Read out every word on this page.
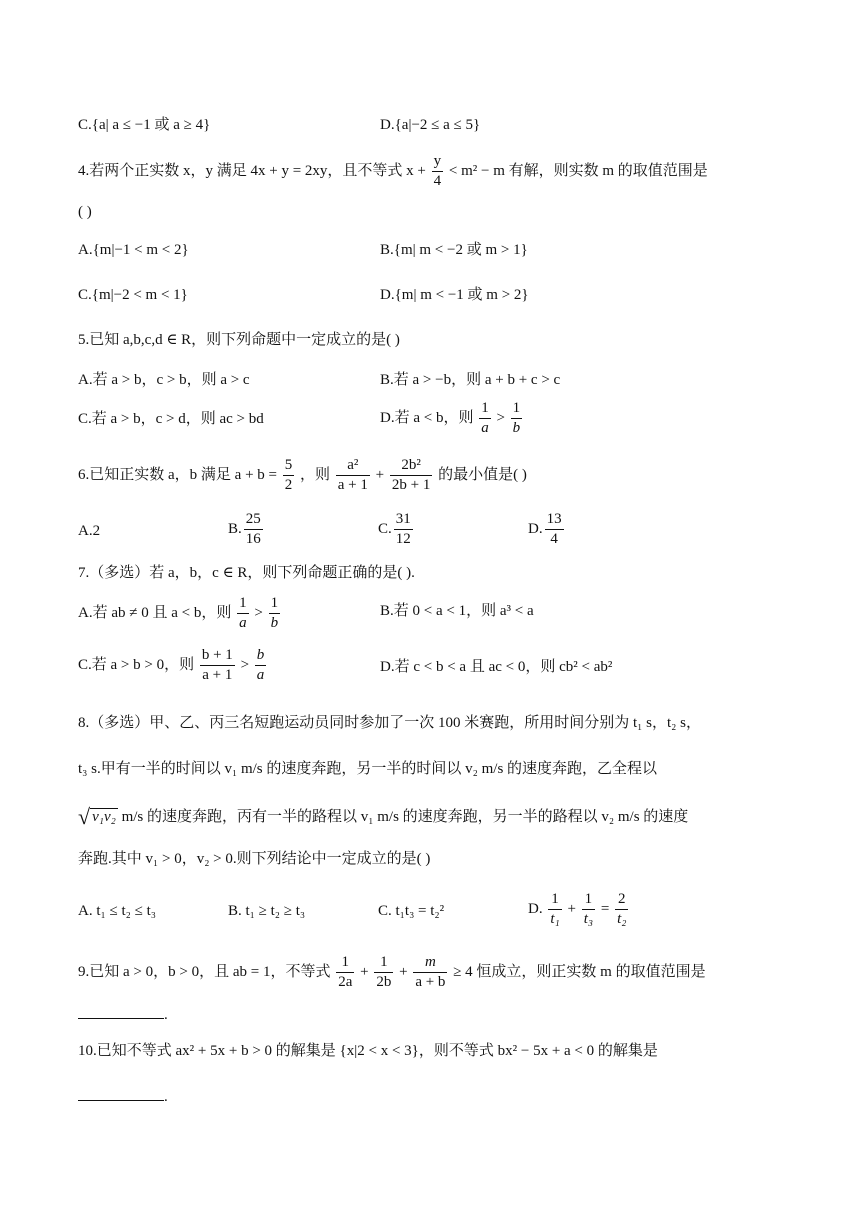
C.{a| a ≤ −1 或 a ≥ 4}	D.{a|−2 ≤ a ≤ 5}
4.若两个正实数 x，y 满足 4x + y = 2xy，且不等式 $x + \frac{y}{4} < m^2 - m$ 有解，则实数 m 的取值范围是
( )
A.{m|−1 < m < 2}	B.{m| m < −2 或 m > 1}
C.{m|−2 < m < 1}	D.{m| m < −1 或 m > 2}
5.已知 a,b,c,d ∈ R，则下列命题中一定成立的是( )
A.若 a > b，c > b，则 a > c	B.若 a > −b，则 a + b + c > c
C.若 a > b，c > d，则 ac > bd	D.若 a < b，则 $\frac{1}{a} > \frac{1}{b}$
6.已知正实数 a，b 满足 $a + b = \frac{5}{2}$ ，则 $\frac{\text{a²}}{a + 1} + \frac{\text{2b²}}{2b + 1}$ 的最小值是( )
A.2	B. $\frac{25}{16}$	C. $\frac{31}{12}$	D. $\frac{13}{4}$
7.（多选）若 a，b，c ∈ R，则下列命题正确的是( ).
A.若 ab ≠ 0 且 a < b，则 $\frac{1}{a} > \frac{1}{b}$	B.若 0 < a < 1，则 a³ < a
C.若 a > b > 0，则 $\frac{b + 1}{a + 1} > \frac{b}{a}$	D.若 c < b < a 且 ac < 0，则 cb² < ab²
8.（多选）甲、乙、丙三名短跑运动员同时参加了一次 100 米赛跑，所用时间分别为 t₁ s，t₂ s，
t₃ s.甲有一半的时间以 v₁ m/s 的速度奔跑，另一半的时间以 v₂ m/s 的速度奔跑，乙全程以
√ v₁v₂ m/s 的速度奔跑，丙有一半的路程以 v₁ m/s 的速度奔跑，另一半的路程以 v₂ m/s 的速度
奔跑.其中 v₁ > 0，v₂ > 0.则下列结论中一定成立的是( )
A. t₁ ≤ t₂ ≤ t₃	B. t₁ ≥ t₂ ≥ t₃	C. t₁t₃ = t₂²	D. $\frac{1}{\text{t₁}} + \frac{1}{\text{t₃}} = \frac{2}{\text{t₂}}$
9.已知 a > 0，b > 0，且 ab = 1，不等式 $\frac{1}{2a} + \frac{1}{2b} + \frac{m}{a + b} \ge 4$ 恒成立，则正实数 m 的取值范围是
.
10.已知不等式 ax² + 5x + b > 0 的解集是 {x|2 < x < 3}，则不等式 bx² − 5x + a < 0 的解集是
.
